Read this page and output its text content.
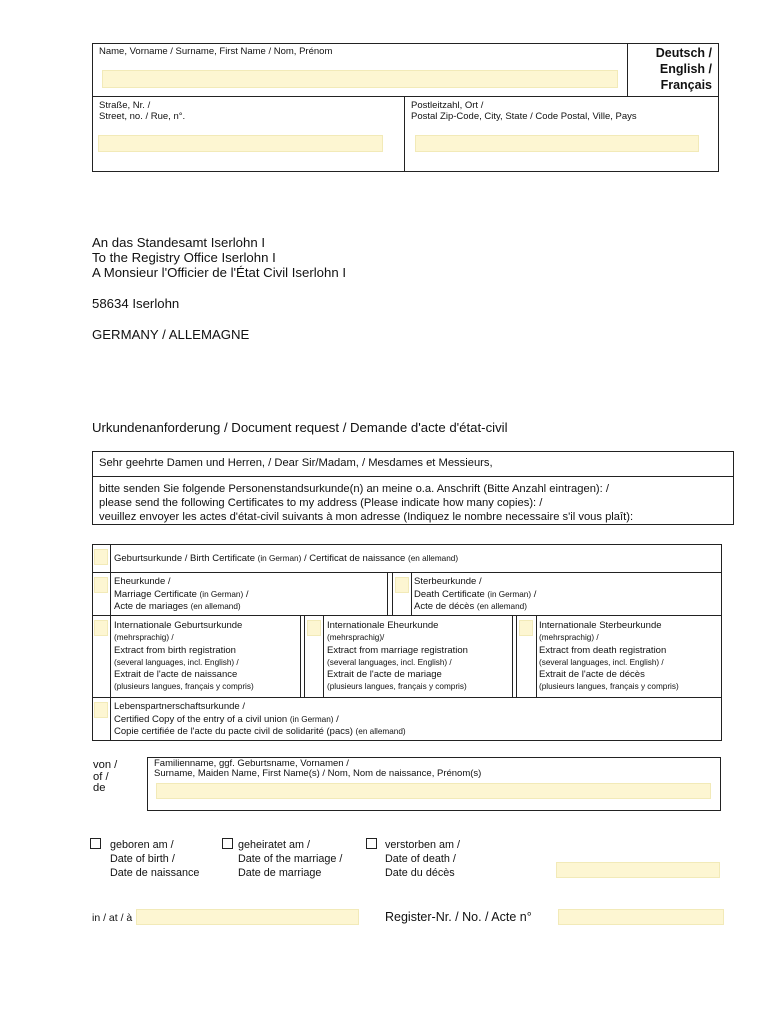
Name, Vorname / Surname, First Name / Nom, Prénom	Deutsch /
English /
Français
Straße, Nr. /
Street, no. / Rue, n°.
Postleitzahl, Ort /
Postal Zip-Code, City, State / Code Postal, Ville, Pays
An das Standesamt Iserlohn I
To the Registry Office Iserlohn I
A Monsieur l'Officier de l'État Civil Iserlohn I
58634 Iserlohn
GERMANY / ALLEMAGNE
Urkundenanforderung / Document request / Demande d'acte d'état-civil
Sehr geehrte Damen und Herren, / Dear Sir/Madam, / Mesdames et Messieurs,
bitte senden Sie folgende Personenstandsurkunde(n) an meine o.a. Anschrift (Bitte Anzahl eintragen): /
please send the following Certificates to my address (Please indicate how many copies): /
veuillez envoyer les actes d'état-civil suivants à mon adresse (Indiquez le nombre necessaire s'il vous plaît):
Geburtsurkunde / Birth Certificate (in German) / Certificat de naissance (en allemand)
Eheurkunde /
Marriage Certificate (in German) /
Acte de mariages (en allemand)
Sterbeurkunde /
Death Certificate (in German) /
Acte de décès (en allemand)
Internationale Geburtsurkunde
(mehrsprachig) /
Extract from birth registration
(several languages, incl. English) /
Extrait de l'acte de naissance
(plusieurs langues, français y compris)
Internationale Eheurkunde
(mehrsprachig)/
Extract from marriage registration
(several languages, incl. English) /
Extrait de l'acte de mariage
(plusieurs langues, français y compris)
Internationale Sterbeurkunde
(mehrsprachig) /
Extract from death registration
(several languages, incl. English) /
Extrait de l'acte de décès
(plusieurs langues, français y compris)
Lebenspartnerschaftsurkunde /
Certified Copy of the entry of a civil union (in German) /
Copie certifiée de l'acte du pacte civil de solidarité (pacs) (en allemand)
von /
of /
de
Familienname, ggf. Geburtsname, Vornamen /
Surname, Maiden Name, First Name(s) / Nom, Nom de naissance, Prénom(s)
geboren am /
Date of birth /
Date de naissance
geheiratet am /
Date of the marriage /
Date de marriage
verstorben am /
Date of death /
Date du décès
in / at / à	Register-Nr. / No. / Acte n°
